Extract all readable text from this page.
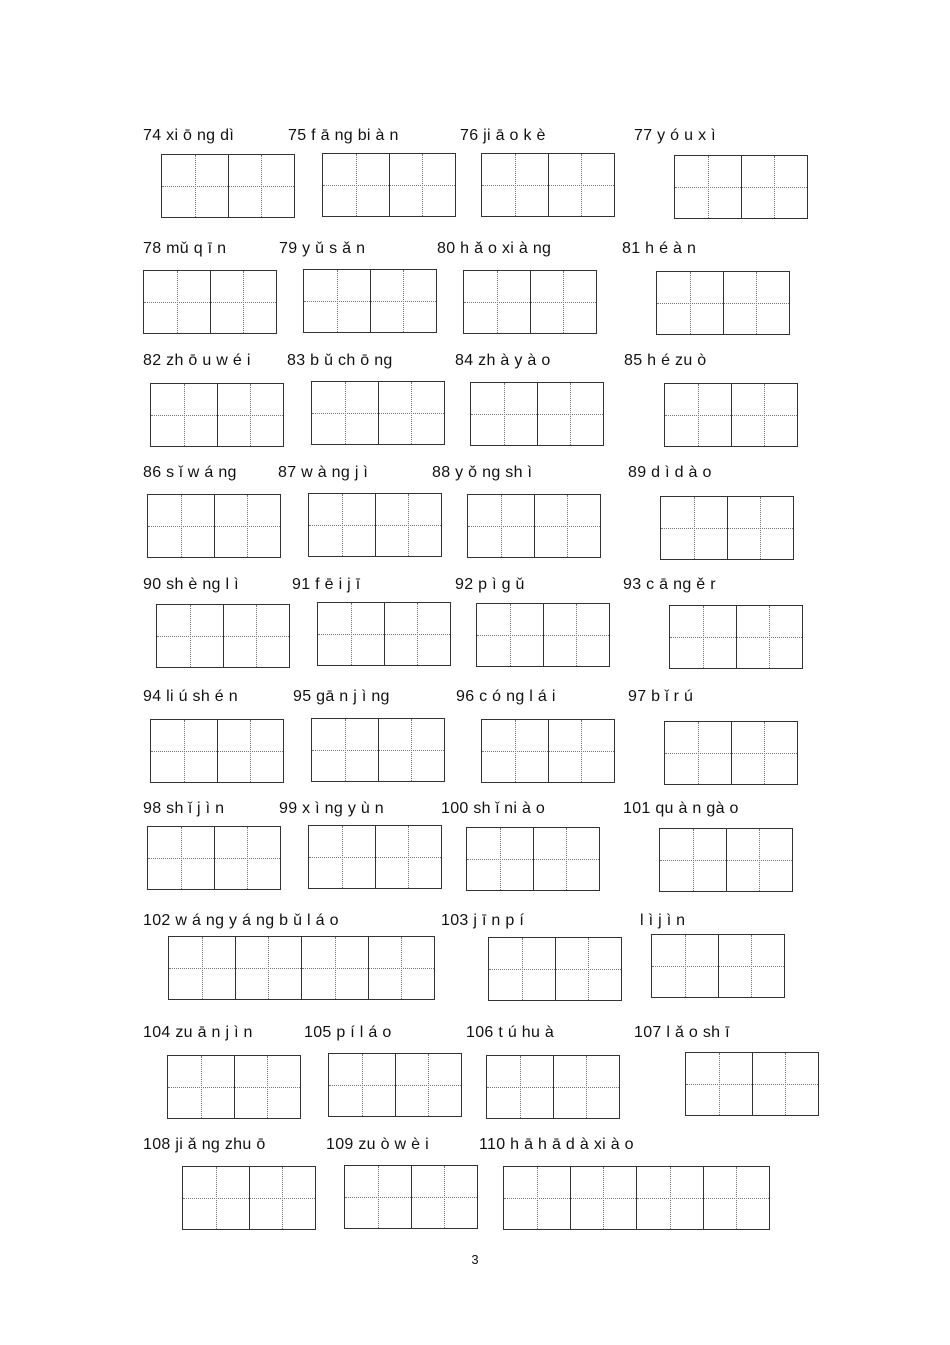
74 xi ō ng dì	75 f ā ng bi à n	76 ji ā o k è	77 y ó u x ì
78 mǔ q ī n	79 y ǔ s ǎ n	80 h ǎ o xi à ng	81 h é à n
82 zh ō u w é i 83 b ǔ ch ō ng	84 zh à y à o	85 h é zu ò
86 s ǐ w á ng	87 w à ng j ì	88 y ǒ ng sh ì	89 d ì d à o
90 sh è ng l ì	91 f ē i j ī	92 p ì g ǔ	93 c ā ng ě r
94 li ú sh é n	95 gā n j ì ng	96 c ó ng l á i	97 b ǐ r ú
98 sh ǐ j ì n	99 x ì ng y ù n	100 sh ǐ ni à o	101 qu à n gà o
102 w á ng y á ng b ǔ l á o	103 j ī n p í	l ì j ì n
104 zu ā n j ì n	105 p í l á o	106 t ú hu à	107 l ǎ o sh ī
108 ji ǎ ng zhu ō	109 zu ò w è i	110 h ā h ā d à xi à o
3
